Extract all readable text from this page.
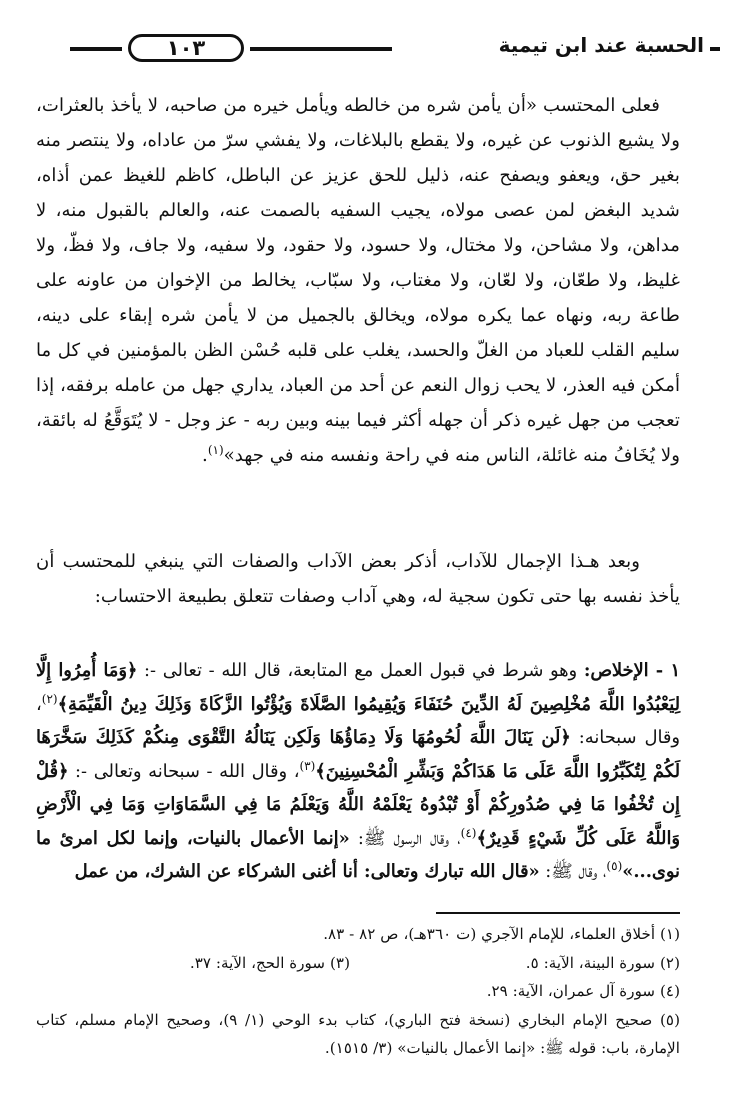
الحسبة عند ابن تيمية
١٠٣

فعلى المحتسب «أن يأمن شره من خالطه ويأمل خيره من صاحبه، لا يأخذ بالعثرات، ولا يشيع الذنوب عن غيره، ولا يقطع بالبلاغات، ولا يفشي سرّ من عاداه، ولا ينتصر منه بغير حق، ويعفو ويصفح عنه، ذليل للحق عزيز عن الباطل، كاظم للغيظ عمن أذاه، شديد البغض لمن عصى مولاه، يجيب السفيه بالصمت عنه، والعالم بالقبول منه، لا مداهن، ولا مشاحن، ولا مختال، ولا حسود، ولا حقود، ولا سفيه، ولا جاف، ولا فظّ، ولا غليظ، ولا طعّان، ولا لعّان، ولا مغتاب، ولا سبّاب، يخالط من الإخوان من عاونه على طاعة ربه، ونهاه عما يكره مولاه، ويخالق بالجميل من لا يأمن شره إبقاء على دينه، سليم القلب للعباد من الغلّ والحسد، يغلب على قلبه حُسْن الظن بالمؤمنين في كل ما أمكن فيه العذر، لا يحب زوال النعم عن أحد من العباد، يداري جهل من عامله برفقه، إذا تعجب من جهل غيره ذكر أن جهله أكثر فيما بينه وبين ربه - عز وجل - لا يُتَوَقَّعُ له بائقة، ولا يُخَافُ منه غائلة، الناس منه في راحة ونفسه منه في جهد»$^{(١)}$.

وبعد هـذا الإجمال للآداب، أذكر بعض الآداب والصفات التي ينبغي للمحتسب أن يأخذ نفسه بها حتى تكون سجية له، وهي آداب وصفات تتعلق بطبيعة الاحتساب:

١ - الإخلاص: وهو شرط في قبول العمل مع المتابعة، قال الله - تعالى -: ﴿وَمَا أُمِرُوا إِلَّا لِيَعْبُدُوا اللَّهَ مُخْلِصِينَ لَهُ الدِّينَ حُنَفَاءَ وَيُقِيمُوا الصَّلَاةَ وَيُؤْتُوا الزَّكَاةَ وَذَلِكَ دِينُ الْقَيِّمَةِ﴾$^{(٢)}$، وقال سبحانه: ﴿لَن يَنَالَ اللَّهَ لُحُومُهَا وَلَا دِمَاؤُهَا وَلَكِن يَنَالُهُ التَّقْوَى مِنكُمْ كَذَلِكَ سَخَّرَهَا لَكُمْ لِتُكَبِّرُوا اللَّهَ عَلَى مَا هَدَاكُمْ وَبَشِّرِ الْمُحْسِنِينَ﴾$^{(٣)}$، وقال الله - سبحانه وتعالى -: ﴿قُلْ إِن تُخْفُوا مَا فِي صُدُورِكُمْ أَوْ تُبْدُوهُ يَعْلَمْهُ اللَّهُ وَيَعْلَمُ مَا فِي السَّمَاوَاتِ وَمَا فِي الْأَرْضِ وَاللَّهُ عَلَى كُلِّ شَيْءٍ قَدِيرٌ﴾$^{(٤)}$، وقال الرسول ﷺ: «إنما الأعمال بالنيات، وإنما لكل امرئ ما نوى...»$^{(٥)}$، وقال ﷺ: «قال الله تبارك وتعالى: أنا أغنى الشركاء عن الشرك، من عمل

(١) أخلاق العلماء، للإمام الآجري (ت ٣٦٠هـ)، ص ٨٢ - ٨٣.

(٢) سورة البينة، الآية: ٥.
(٣) سورة الحج، الآية: ٣٧.

(٤) سورة آل عمران، الآية: ٢٩.

(٥) صحيح الإمام البخاري (نسخة فتح الباري)، كتاب بدء الوحي (١/ ٩)، وصحيح الإمام مسلم، كتاب الإمارة، باب: قوله ﷺ: «إنما الأعمال بالنيات» (٣/ ١٥١٥).
